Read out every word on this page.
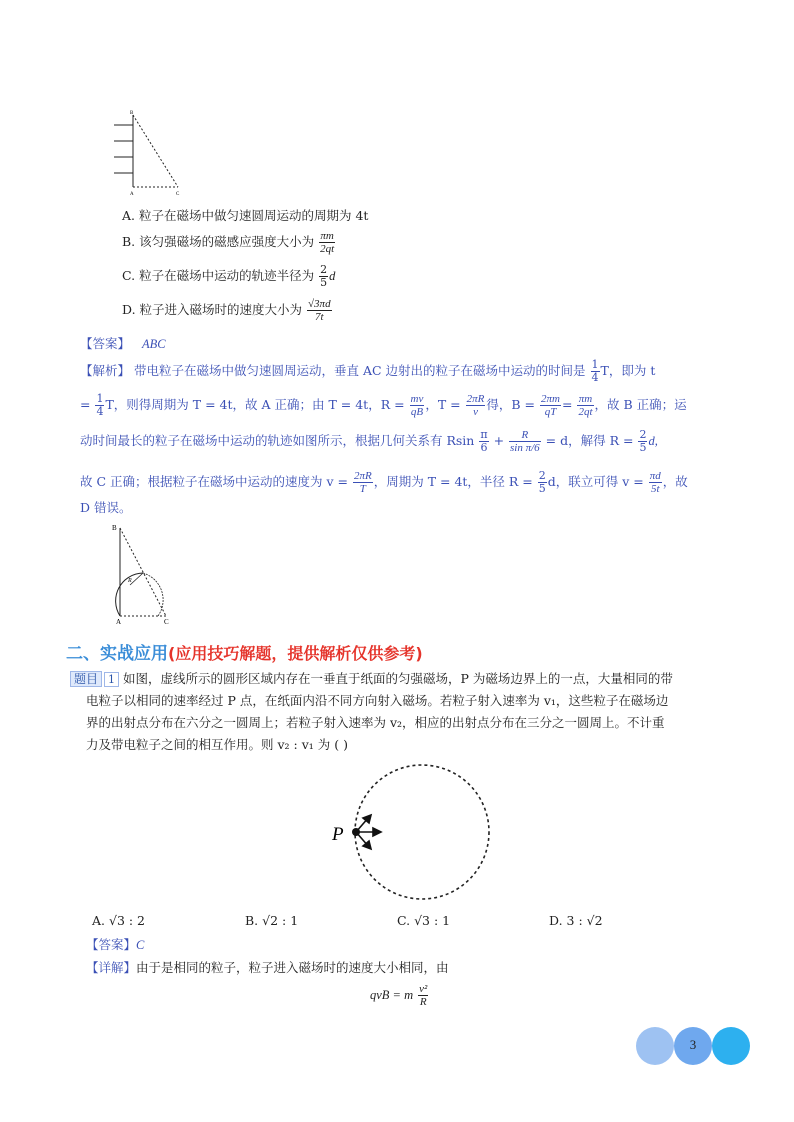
B
A	C
A. 粒子在磁场中做匀速圆周运动的周期为 4t
B. 该匀强磁场的磁感应强度大小为 $\frac{\pi m}{2qt}$
C. 粒子在磁场中运动的轨迹半径为 $\frac{2}{5}$ d
D. 粒子进入磁场时的速度大小为 $\frac{√3\pi d}{7t}$
【答案】 ABC
【解析】 带电粒子在磁场中做匀速圆周运动，垂直 AC 边射出的粒子在磁场中运动的时间是 $\frac{1}{4}$ T，即为 t
= $\frac{1}{4}$ T，则得周期为 T = 4t，故 A 正确；由 T = 4t，$R = \frac{mv}{qB}$ ，$T = \frac{2\pi R}{v}$ 得，$B = \frac{2\pi m}{qT} = \frac{\pi m}{2qt}$ ，故 B 正确；运
动时间最长的粒子在磁场中运动的轨迹如图所示，根据几何关系有 Rsin $\frac{\pi}{6} + \frac{R}{\text{sin π/6}} = d$，解得 $R = \frac{2}{5} d$,
故 C 正确；根据粒子在磁场中运动的速度为 $v = \frac{2\pi R}{T}$ ，周期为 T = 4t，半径 $R = \frac{2}{5}$ d，联立可得 $v = \frac{\pi d}{5t}$ ，故
D 错误。
B
R
A	C
二、实战应用(应用技巧解题，提供解析仅供参考)
题目 1 如图，虚线所示的圆形区域内存在一垂直于纸面的匀强磁场，P 为磁场边界上的一点，大量相同的带
电粒子以相同的速率经过 P 点，在纸面内沿不同方向射入磁场。若粒子射入速率为 v₁，这些粒子在磁场边
界的出射点分布在六分之一圆周上；若粒子射入速率为 v₂，相应的出射点分布在三分之一圆周上。不计重
力及带电粒子之间的相互作用。则 v₂ : v₁ 为 ( )
P
A. √3 : 2	B. √2 : 1	C. √3 : 1	D. 3 : √2
【答案】C
【详解】由于是相同的粒子，粒子进入磁场时的速度大小相同，由
qvB = m $\frac{\text{v²}}{R}$
3
